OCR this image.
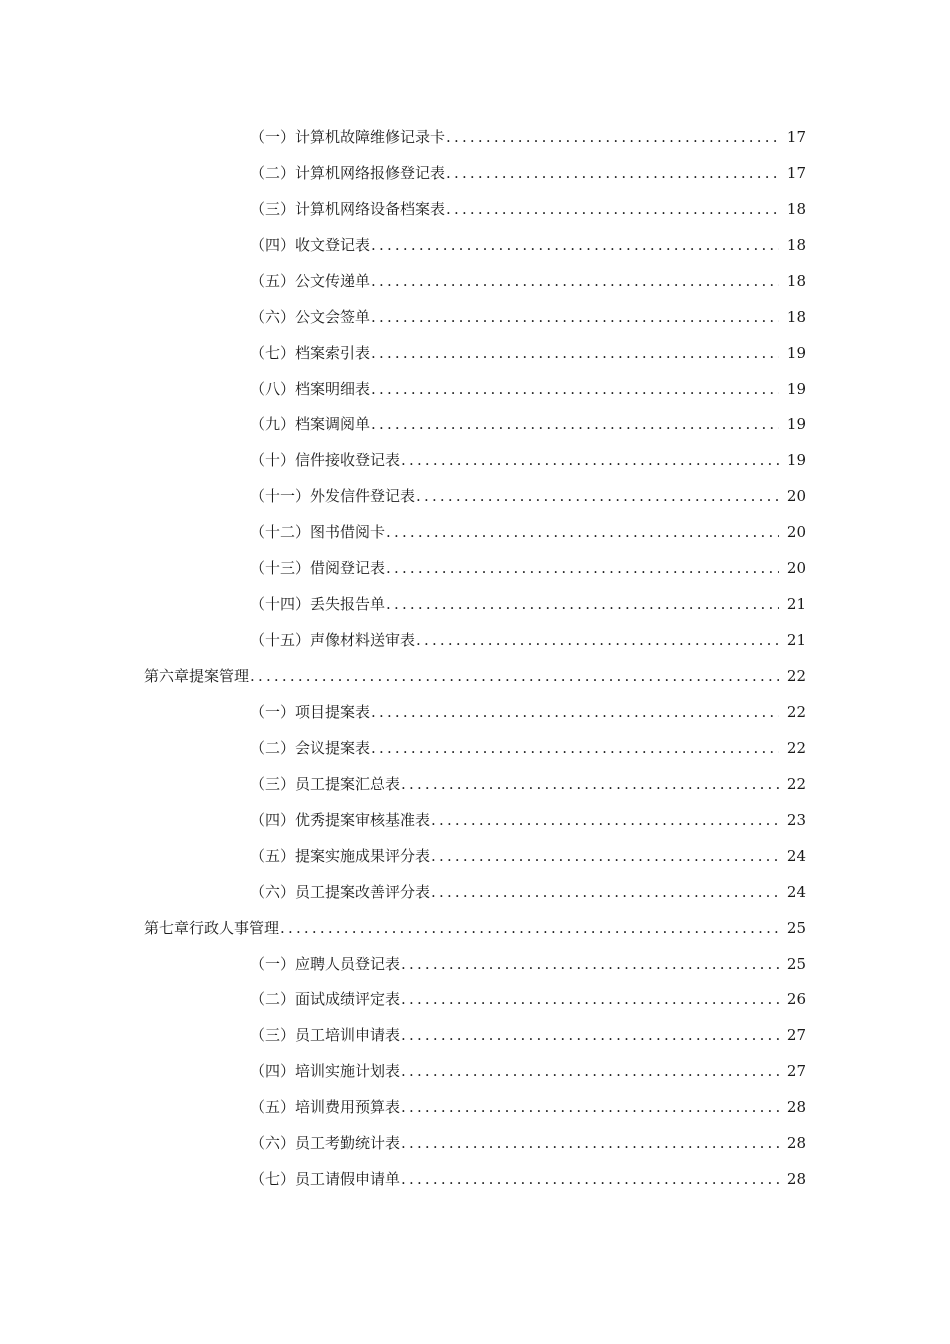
（一）计算机故障维修记录卡 .....	17
（二）计算机网络报修登记表 .....	17
（三）计算机网络设备档案表 .....	18
（四）收文登记表 .....	18
（五）公文传递单 .....	18
（六）公文会签单 .....	18
（七）档案索引表 .....	19
（八）档案明细表 .....	19
（九）档案调阅单 .....	19
（十）信件接收登记表 .....	19
（十一）外发信件登记表 .....	20
（十二）图书借阅卡 .....	20
（十三）借阅登记表 .....	20
（十四）丢失报告单 .....	21
（十五）声像材料送审表 .....	21
第六章 提案管理 .....	22
（一）项目提案表 .....	22
（二）会议提案表 .....	22
（三）员工提案汇总表 .....	22
（四）优秀提案审核基准表 .....	23
（五）提案实施成果评分表 .....	24
（六）员工提案改善评分表 .....	24
第七章 行政人事管理 .....	25
（一）应聘人员登记表 .....	25
（二）面试成绩评定表 .....	26
（三）员工培训申请表 .....	27
（四）培训实施计划表 .....	27
（五）培训费用预算表 .....	28
（六）员工考勤统计表 .....	28
（七）员工请假申请单 .....	28
